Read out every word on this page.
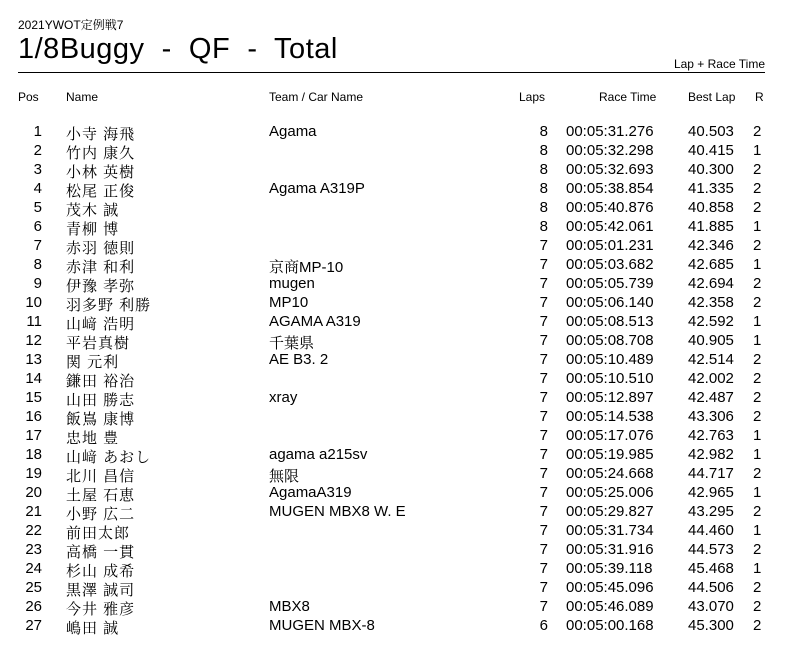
2021YWOT定例戦7
1/8Buggy  -  QF  -  Total	Lap + Race Time
Pos Name	Team / Car Name	Laps	Race Time	Best Lap R
1 小寺 海飛	Agama	8 00:05:31.276 40.503 2
2 竹内 康久	8 00:05:32.298 40.415 1
3 小林 英樹	8 00:05:32.693 40.300 2
4 松尾 正俊	Agama A319P	8 00:05:38.854 41.335 2
5 茂木 誠	8 00:05:40.876 40.858 2
6 青柳 博	8 00:05:42.061 41.885 1
7 赤羽 徳則	7 00:05:01.231 42.346 2
8 赤津 和利	京商MP-10	7 00:05:03.682 42.685 1
9 伊豫 孝弥	mugen	7 00:05:05.739 42.694 2
10 羽多野 利勝	MP10	7 00:05:06.140 42.358 2
11 山﨑 浩明	AGAMA A319	7 00:05:08.513 42.592 1
12 平岩真樹	千葉県	7 00:05:08.708 40.905 1
13 関 元利	AE B3. 2	7 00:05:10.489 42.514 2
14 鎌田 裕治	7 00:05:10.510 42.002 2
15 山田 勝志	xray	7 00:05:12.897 42.487 2
16 飯嶌 康博	7 00:05:14.538 43.306 2
17 忠地 豊	7 00:05:17.076 42.763 1
18 山﨑 あおし	agama a215sv	7 00:05:19.985 42.982 1
19 北川 昌信	無限	7 00:05:24.668 44.717 2
20 土屋 石恵	AgamaA319	7 00:05:25.006 42.965 1
21 小野 広二	MUGEN MBX8 W. E	7 00:05:29.827 43.295 2
22 前田太郎	7 00:05:31.734 44.460 1
23 高橋 一貫	7 00:05:31.916 44.573 2
24 杉山 成希	7 00:05:39.118 45.468 1
25 黒澤 誠司	7 00:05:45.096 44.506 2
26 今井 雅彦	MBX8	7 00:05:46.089 43.070 2
27 嶋田 誠	MUGEN MBX-8	6 00:05:00.168 45.300 2
